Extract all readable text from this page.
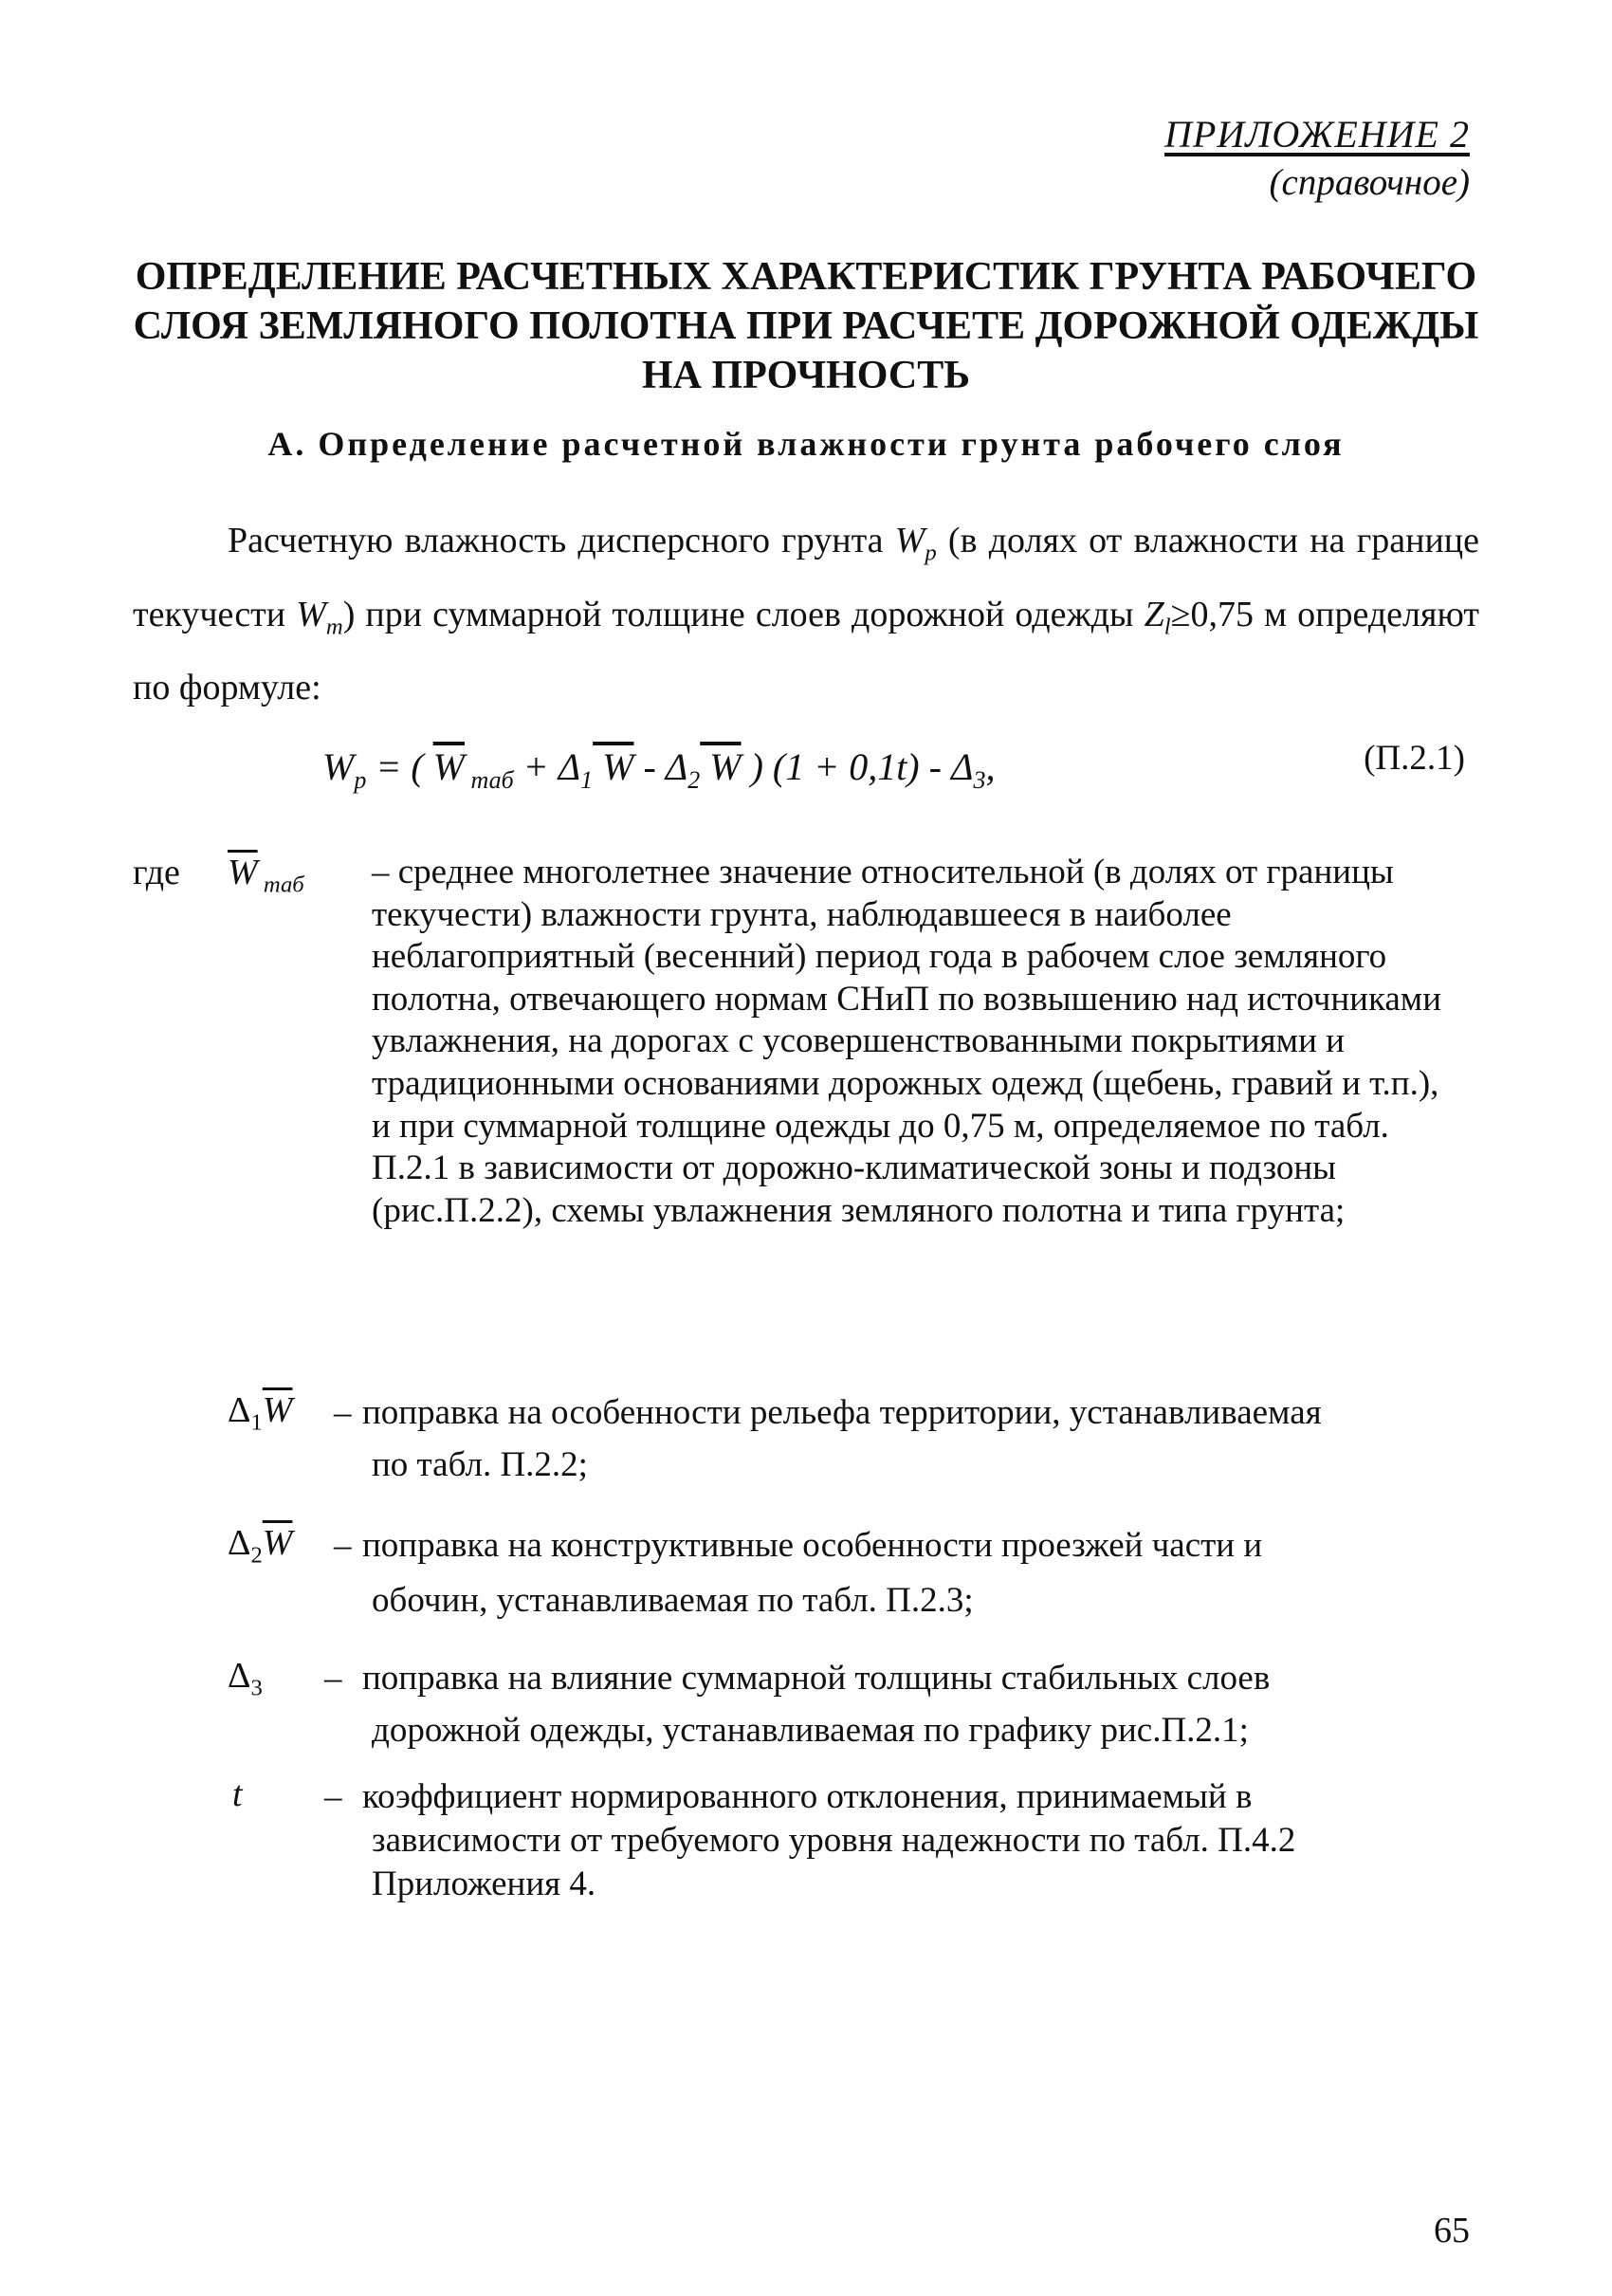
ПРИЛОЖЕНИЕ 2
(справочное)
ОПРЕДЕЛЕНИЕ РАСЧЕТНЫХ ХАРАКТЕРИСТИК ГРУНТА РАБОЧЕГО
СЛОЯ ЗЕМЛЯНОГО ПОЛОТНА ПРИ РАСЧЕТЕ ДОРОЖНОЙ ОДЕЖДЫ
НА ПРОЧНОСТЬ
А. Определение расчетной влажности грунта рабочего слоя
Расчетную влажность дисперсного грунта $W_p$ (в долях от влажности на границе текучести $W_m$) при суммарной толщине слоев дорожной одежды $Z_l\ge 0,75$ м определяют по формуле:
$W_p$ = ( $\overline{W}$ $_{таб} + \Delta_1$ W - $\Delta_2$ W ) $(1 + 0,1t) - \Delta_3$,	(П.2.1)
где $\overline{W}$ $_{таб}$ – среднее многолетнее значение относительной (в долях от границы текучести) влажности грунта, наблюдавшееся в наиболее неблагоприятный (весенний) период года в рабочем слое земляного полотна, отвечающего нормам СНиП по возвышению над источниками увлажнения, на дорогах с усовершенствованными покрытиями и традиционными основаниями дорожных одежд (щебень, гравий и т.п.), и при суммарной толщине одежды до 0,75 м, определяемое по табл. П.2.1 в зависимости от дорожно-климатической зоны и подзоны (рис.П.2.2), схемы увлажнения земляного полотна и типа грунта;
$\Delta_1\overline{W}$ – поправка на особенности рельефа территории, устанавливаемая
по табл. П.2.2;
$\Delta_2\overline{W}$ – поправка на конструктивные особенности проезжей части и
обочин, устанавливаемая по табл. П.2.3;
$\Delta_3$ – поправка на влияние суммарной толщины стабильных слоев
дорожной одежды, устанавливаемая по графику рис.П.2.1;
t – коэффициент нормированного отклонения, принимаемый в
зависимости от требуемого уровня надежности по табл. П.4.2
Приложения 4.
65
